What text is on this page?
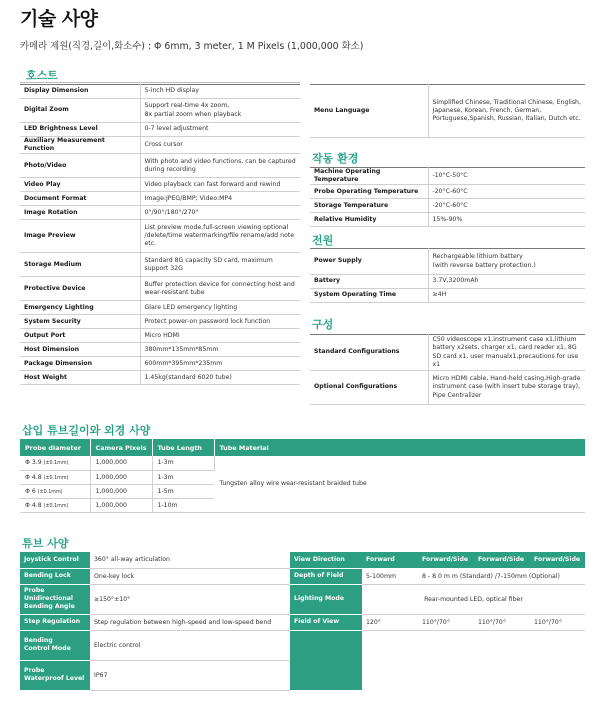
기술 사양
카메라 제원(직경,길이,화소수) : Φ 6mm, 3 meter, 1 M Pixels (1,000,000 화소)
호스트
Display Dimension	5-inch HD display
Digital Zoom	Support real-time 4x zoom,
8x partial zoom when playback
LED Brightness Level	0-7 level adjustment
Auxiliary Measurement Function	Cross cursor
Photo/Video	With photo and video functions, can be captured during recording
Video Play	Video playback can fast forward and rewind
Document Format	Image:JPEG/BMP; Video:MP4
Image Rotation	0°/90°/180°/270°
Image Preview	List preview mode,full-screen viewing optional /delete/time watermarking/file rename/add note etc.
Storage Medium	Standard 8G capacity SD card, maximum support 32G
Protective Device	Buffer protection device for connecting host and wear-resistant tube
Emergency Lighting	Glare LED emergency lighting
System Security	Protect power-on password lock function
Output Port	Micro HDMI
Host Dimension	380mm*135mm*85mm
Package Dimension	600mm*395mm*235mm
Host Weight	1.45kg(standard 6020 tube)
Menu Language	Simplified Chinese, Traditional Chinese, English, Japanese, Korean, French, German, Portuguese,Spanish, Russian, Italian, Dutch etc.
작동 환경
Machine Operating Temperature	-10°C-50°C
Probe Operating Temperature	-20°C-60°C
Storage Temperature	-20°C-60°C
Relative Humidity	15%-90%
전원
Power Supply	Rechargeable lithium battery
(with reverse battery protection.)
Battery	3.7V,3200mAh
System Operating Time	≥4H
구성
Standard Configurations	C50 videoscope x1,instrument case x1,lithium battery x2sets, charger x1, card reader x1, 8G SD card x1, user manualx1,precautions for use x1
Optional Configurations	Micro HDMI cable, Hand-held casing,High-grade instrument case (with insert tube storage tray), Pipe Centralizer
삽입 튜브길이와 외경 사양
Probe diameter	Camera Pixels	Tube Length	Tube Material
Φ 3.9 (±0.1mm)	1,000,000	1-3m	Tungsten alloy wire wear-resistant braided tube
Φ 4.8 (±0.1mm)	1,000,000	1-3m	
Φ 6 (±0.1mm)	1,000,000	1-5m	
Φ 4.8 (±0.1mm)	1,000,000	1-10m	
튜브 사양
Joystick Control	360° all-way articulation	View Direction	Forward	Forward/Side	Forward/Side	Forward/Side
Bending Lock	One-key lock	Depth of Field	5-100mm	8 - 8 0 m m (Standard) /7-150mm (Optional)		
Probe
Unidirectional
Bending Angle	≥150°±10°	Lighting Mode	Rear-mounted LED, optical fiber			
Step Regulation	Step regulation between high-speed and low-speed bend	Field of View	120°	110°/70°	110°/70°	110°/70°
Bending
Control Mode	Electric control					
Probe
Waterproof Level	IP67					
